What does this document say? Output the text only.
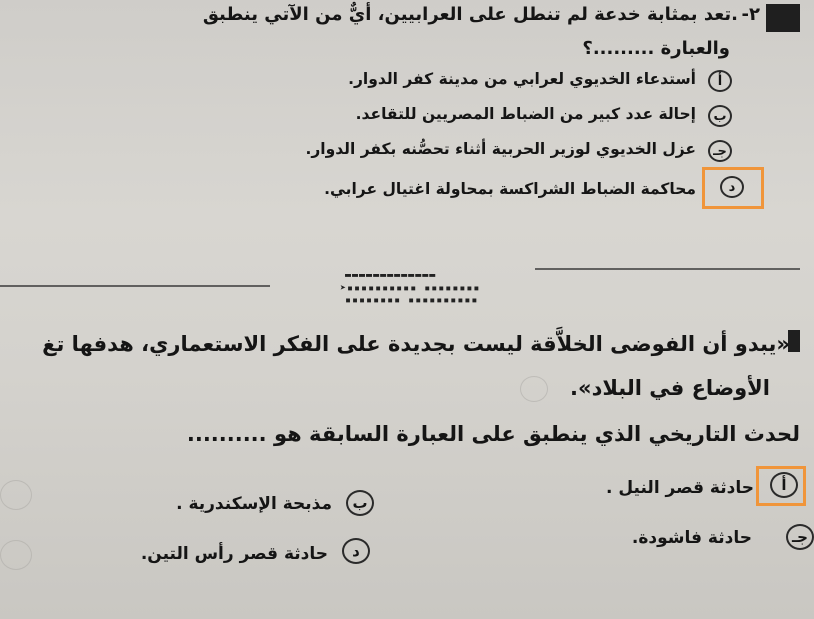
٢-
.تعد بمثابة خدعة لم تنطل على العرابيين، أيٌّ من الآتي ينطبق
والعبارة .........؟
أ
أستدعاء الخديوي لعرابي من مدينة كفر الدوار.
ب
إحالة عدد كبير من الضباط المصريين للتقاعد.
جـ
عزل الخديوي لوزير الحربية أثناء تحصُّنه بكفر الدوار.
د
محاكمة الضباط الشراكسة بمحاولة اغتيال عرابي.
▬▬▬▬▬▬▬▬▬▬▬▬▬
➤▪▪▪▪▪▪▪▪▪▪ ▪▪▪▪▪▪▪▪
▪▪▪▪▪▪▪▪ ▪▪▪▪▪▪▪▪▪▪
«يبدو أن الفوضى الخلاَّقة ليست بجديدة على الفكر الاستعماري، هدفها تغ
الأوضاع في البلاد».
لحدث التاريخي الذي ينطبق على العبارة السابقة هو ..........
أ
حادثة قصر النيل .
ب
مذبحة الإسكندرية .
جـ
حادثة فاشودة.
د
حادثة قصر رأس التين.
